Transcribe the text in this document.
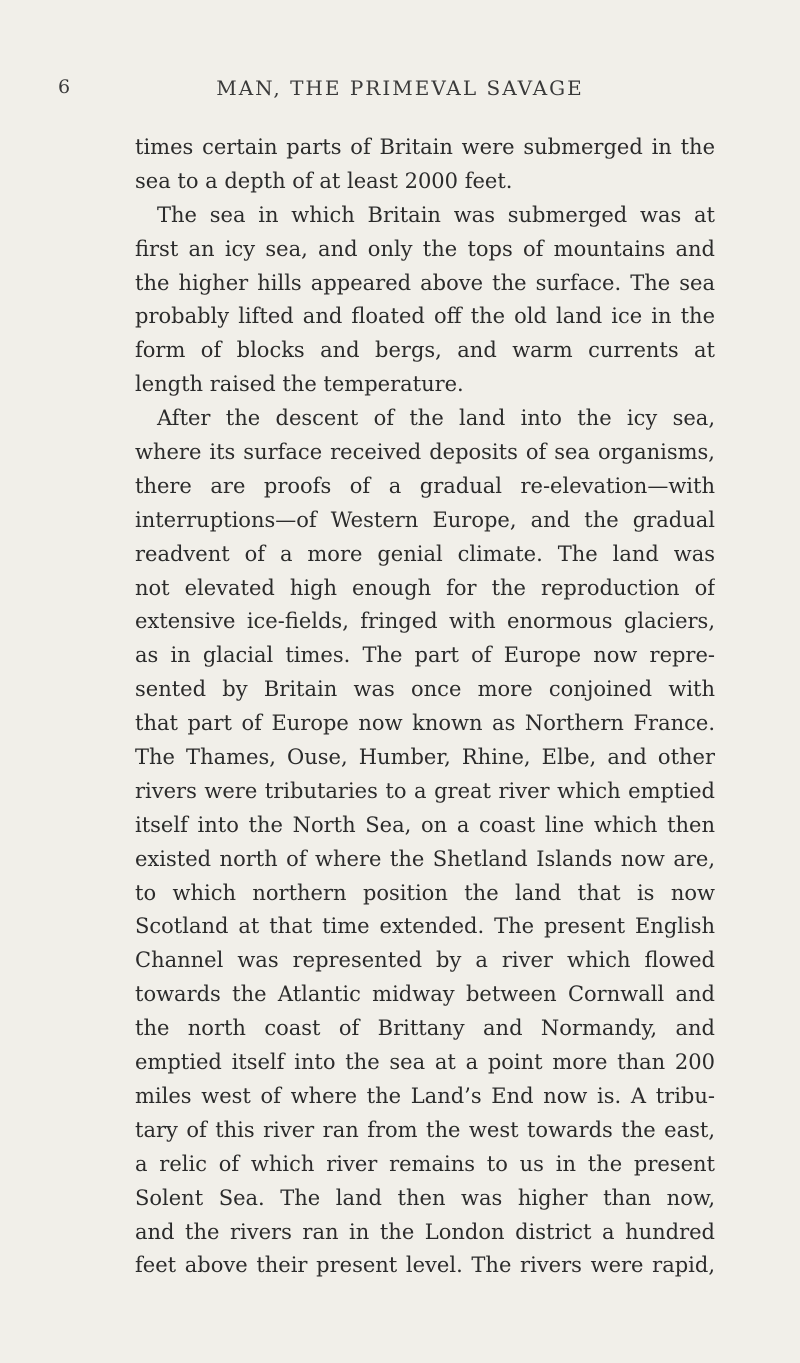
6	MAN, THE PRIMEVAL SAVAGE
times certain parts of Britain were submerged in the
sea to a depth of at least 2000 feet.
The sea in which Britain was submerged was at
first an icy sea, and only the tops of mountains and
the higher hills appeared above the surface. The sea
probably lifted and floated off the old land ice in the
form of blocks and bergs, and warm currents at
length raised the temperature.
After the descent of the land into the icy sea,
where its surface received deposits of sea organisms,
there are proofs of a gradual re-elevation—with
interruptions—of Western Europe, and the gradual
readvent of a more genial climate. The land was
not elevated high enough for the reproduction of
extensive ice-fields, fringed with enormous glaciers,
as in glacial times. The part of Europe now repre-
sented by Britain was once more conjoined with
that part of Europe now known as Northern France.
The Thames, Ouse, Humber, Rhine, Elbe, and other
rivers were tributaries to a great river which emptied
itself into the North Sea, on a coast line which then
existed north of where the Shetland Islands now are,
to which northern position the land that is now
Scotland at that time extended. The present English
Channel was represented by a river which flowed
towards the Atlantic midway between Cornwall and
the north coast of Brittany and Normandy, and
emptied itself into the sea at a point more than 200
miles west of where the Land’s End now is. A tribu-
tary of this river ran from the west towards the east,
a relic of which river remains to us in the present
Solent Sea. The land then was higher than now,
and the rivers ran in the London district a hundred
feet above their present level. The rivers were rapid,
